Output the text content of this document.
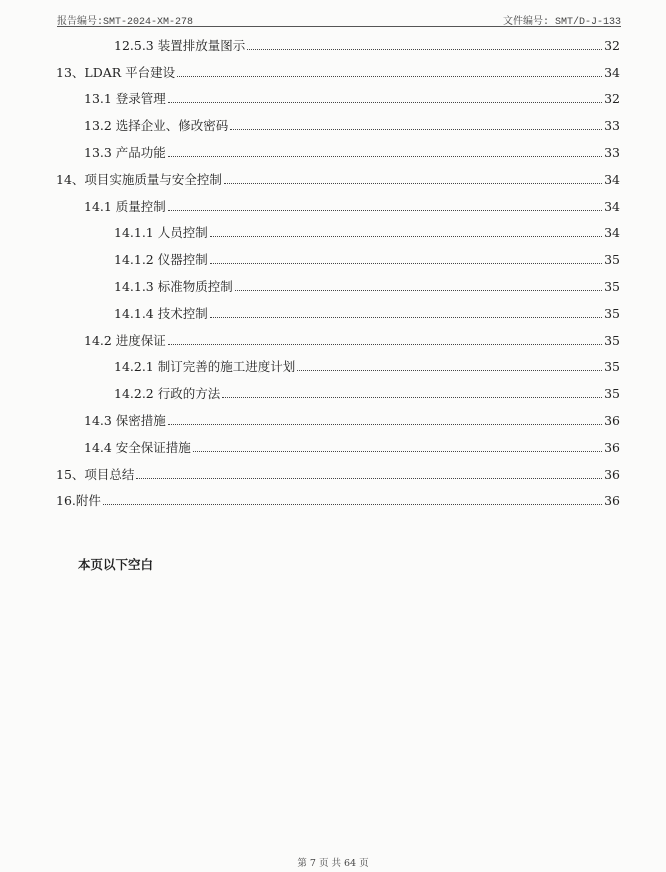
报告编号:SMT-2024-XM-278	文件编号: SMT/D-J-133
12.5.3 装置排放量图示	32
13、LDAR 平台建设	34
13.1 登录管理	32
13.2 选择企业、修改密码	33
13.3 产品功能	33
14、项目实施质量与安全控制	34
14.1 质量控制	34
14.1.1 人员控制	34
14.1.2 仪器控制	35
14.1.3 标准物质控制	35
14.1.4 技术控制	35
14.2 进度保证	35
14.2.1 制订完善的施工进度计划	35
14.2.2 行政的方法	35
14.3 保密措施	36
14.4 安全保证措施	36
15、项目总结	36
16.附件	36
本页以下空白
第 7 页 共 64 页
